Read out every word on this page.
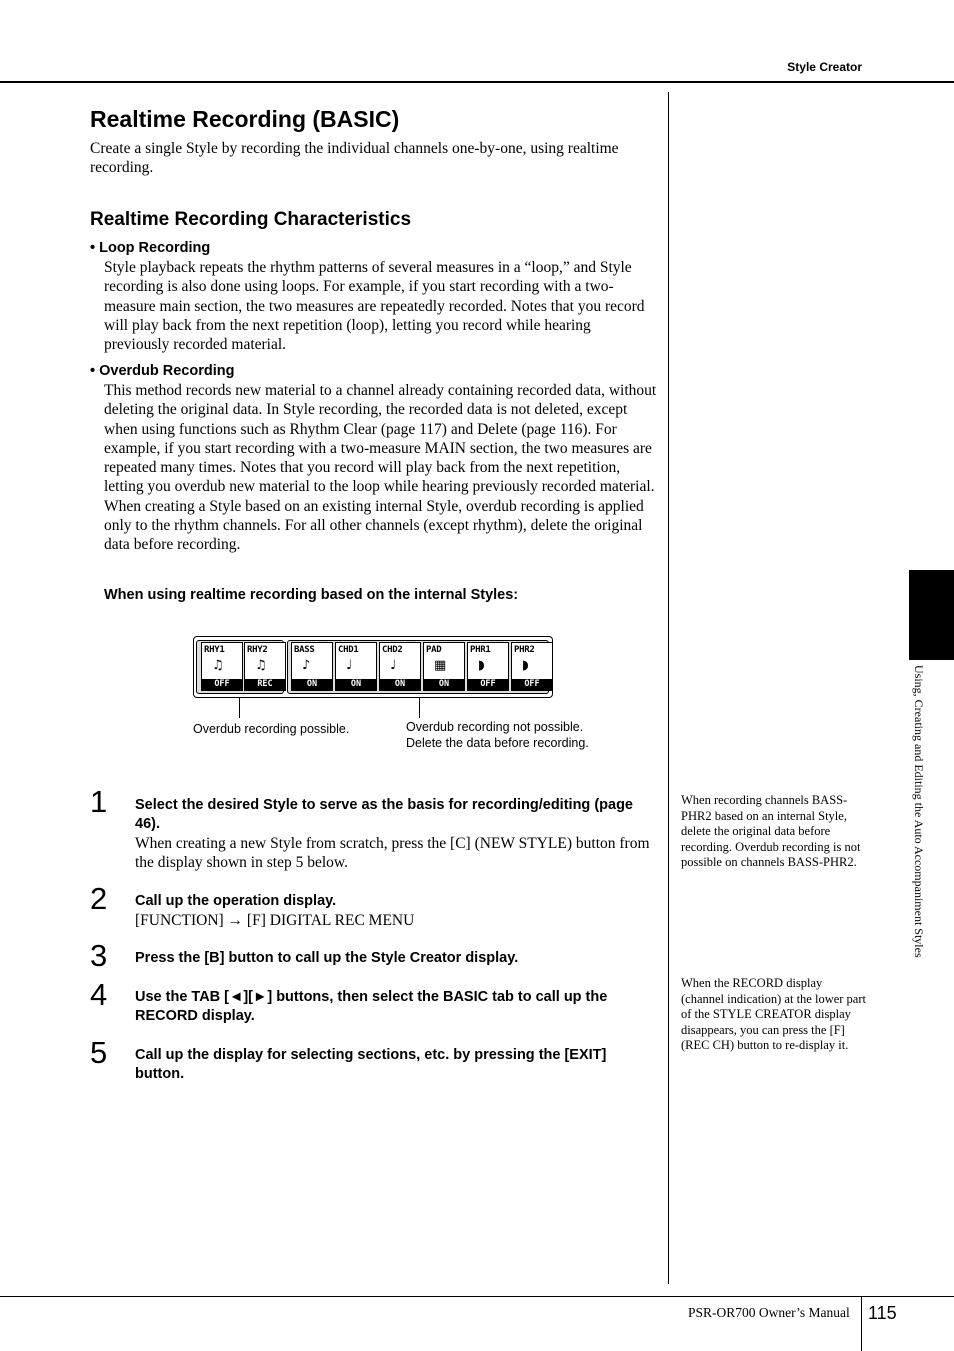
Style Creator
Using, Creating and Editing the Auto Accompaniment Styles
Realtime Recording (BASIC)
Create a single Style by recording the individual channels one-by-one, using realtime recording.
Realtime Recording Characteristics
• Loop Recording
Style playback repeats the rhythm patterns of several measures in a “loop,” and Style recording is also done using loops. For example, if you start recording with a two-measure main section, the two measures are repeatedly recorded. Notes that you record will play back from the next repetition (loop), letting you record while hearing previously recorded material.
• Overdub Recording
This method records new material to a channel already containing recorded data, without deleting the original data. In Style recording, the recorded data is not deleted, except when using functions such as Rhythm Clear (page 117) and Delete (page 116). For example, if you start recording with a two-measure MAIN section, the two measures are repeated many times. Notes that you record will play back from the next repetition, letting you overdub new material to the loop while hearing previously recorded material.
When creating a Style based on an existing internal Style, overdub recording is applied only to the rhythm channels. For all other channels (except rhythm), delete the original data before recording.
When using realtime recording based on the internal Styles:
RHY1
♫
OFF
RHY2
♫
REC
BASS
♪
ON
CHD1
♩
ON
CHD2
♩
ON
PAD
▦
ON
PHR1
◗
OFF
PHR2
◗
OFF
Overdub recording possible.	Overdub recording not possible.
Delete the data before recording.
1 Select the desired Style to serve as the basis for recording/editing (page 46).
When creating a new Style from scratch, press the [C] (NEW STYLE) button from the display shown in step 5 below.
2 Call up the operation display.
[FUNCTION] → [F] DIGITAL REC MENU
3 Press the [B] button to call up the Style Creator display.
4 Use the TAB [◄][►] buttons, then select the BASIC tab to call up the RECORD display.
5 Call up the display for selecting sections, etc. by pressing the [EXIT] button.
When recording channels BASS-PHR2 based on an internal Style, delete the original data before recording. Overdub recording is not possible on channels BASS-PHR2.
When the RECORD display (channel indication) at the lower part of the STYLE CREATOR display disappears, you can press the [F] (REC CH) button to re-display it.
PSR-OR700 Owner’s Manual 115
